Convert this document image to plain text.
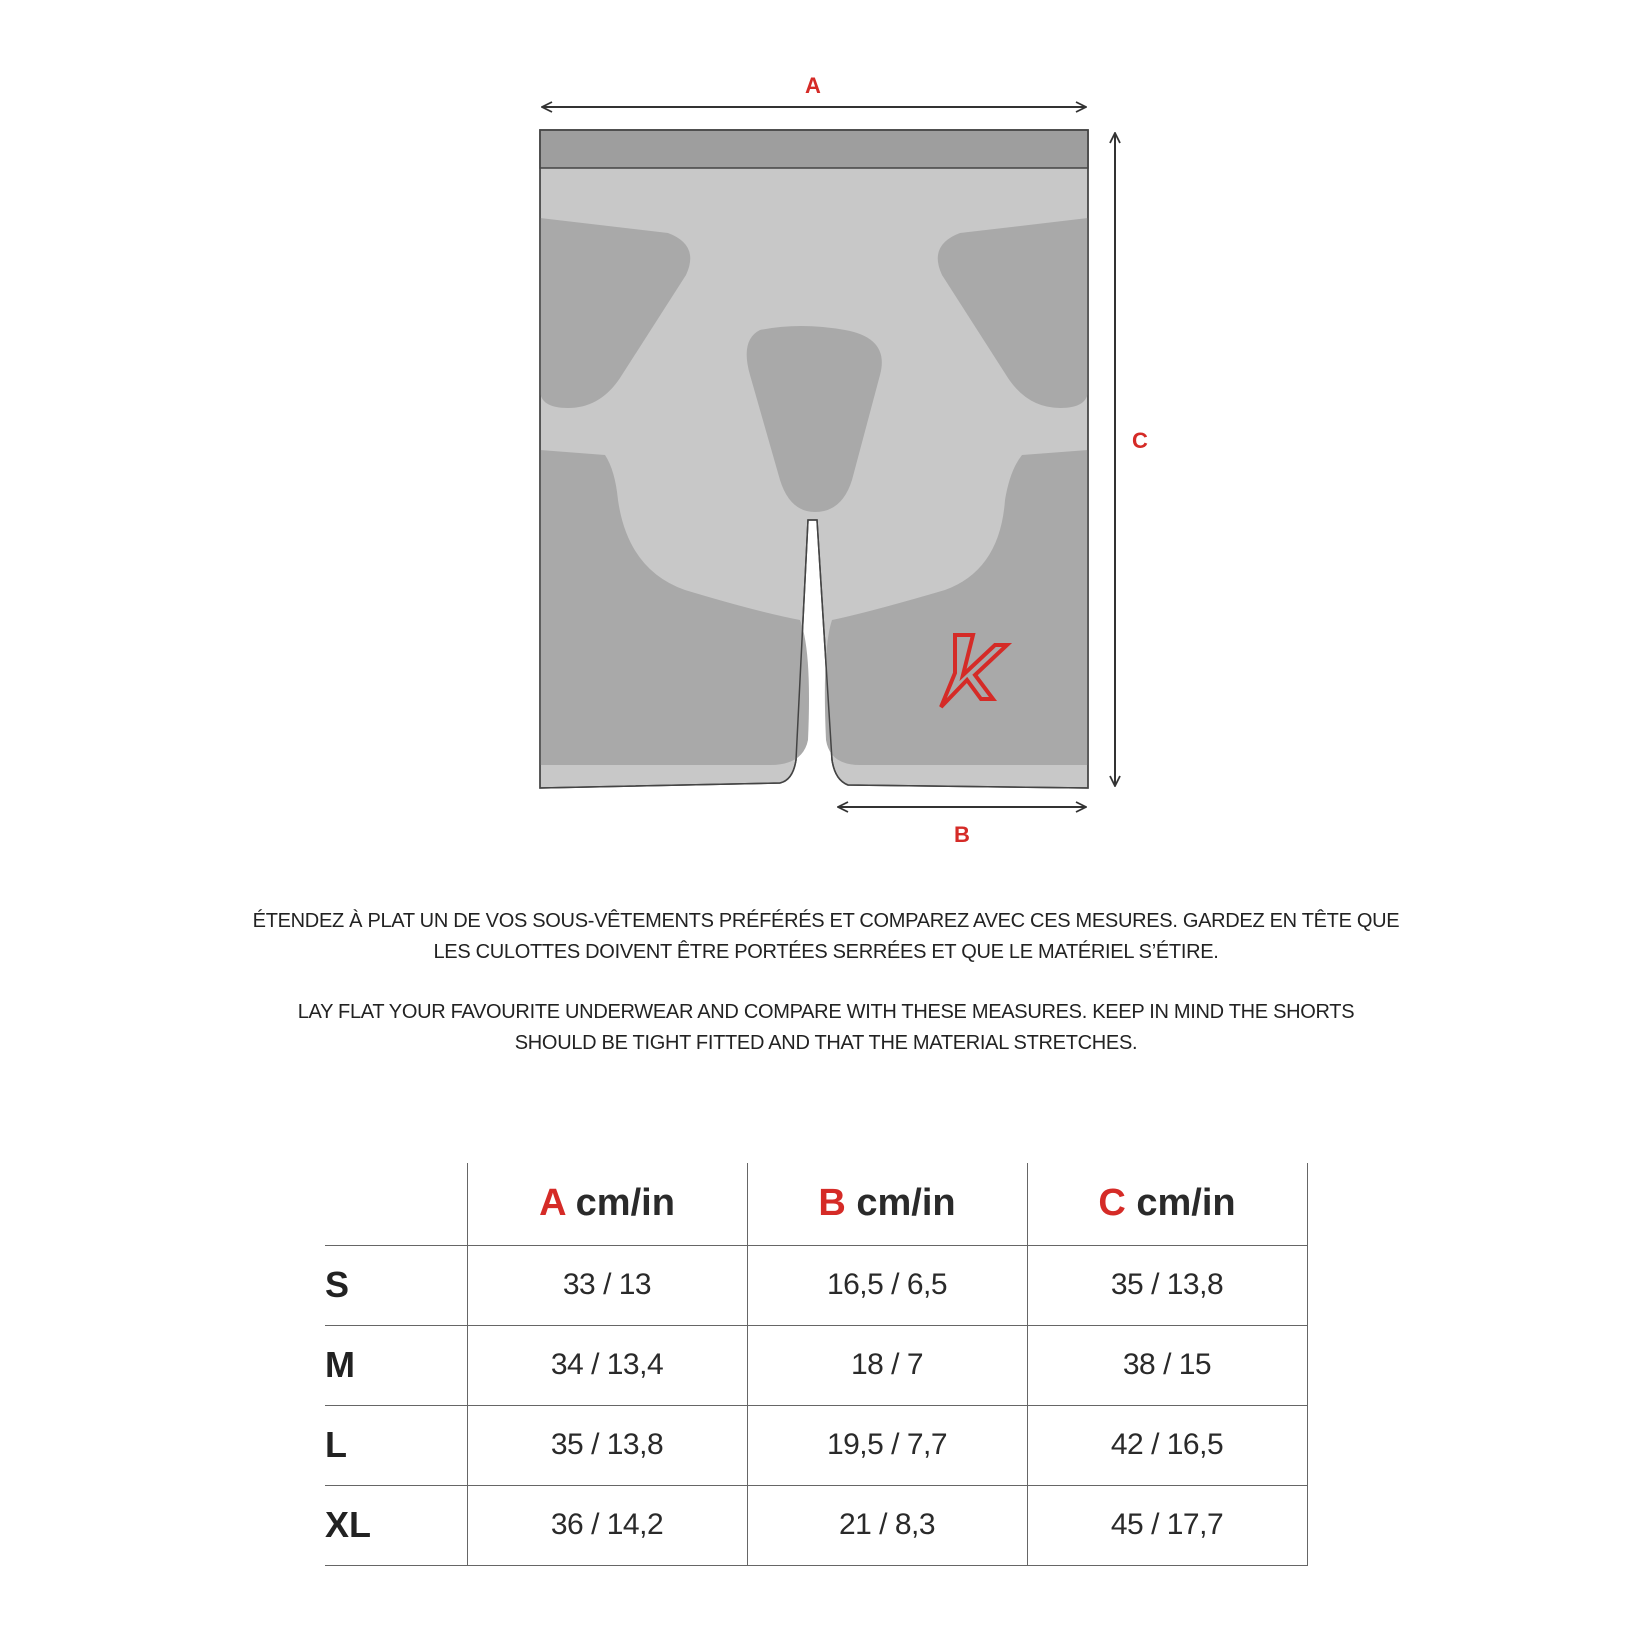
A
C
B
ÉTENDEZ À PLAT UN DE VOS SOUS-VÊTEMENTS PRÉFÉRÉS ET COMPAREZ AVEC CES MESURES. GARDEZ EN TÊTE QUE
LES CULOTTES DOIVENT ÊTRE PORTÉES SERRÉES ET QUE LE MATÉRIEL S’ÉTIRE.
LAY FLAT YOUR FAVOURITE UNDERWEAR AND COMPARE WITH THESE MEASURES. KEEP IN MIND THE SHORTS
SHOULD BE TIGHT FITTED AND THAT THE MATERIAL STRETCHES.
	A cm/in	B cm/in	C cm/in
S	33 / 13	16,5 / 6,5	35 / 13,8
M	34 / 13,4	18 / 7	38 / 15
L	35 / 13,8	19,5 / 7,7	42 / 16,5
XL	36 / 14,2	21 / 8,3	45 / 17,7
